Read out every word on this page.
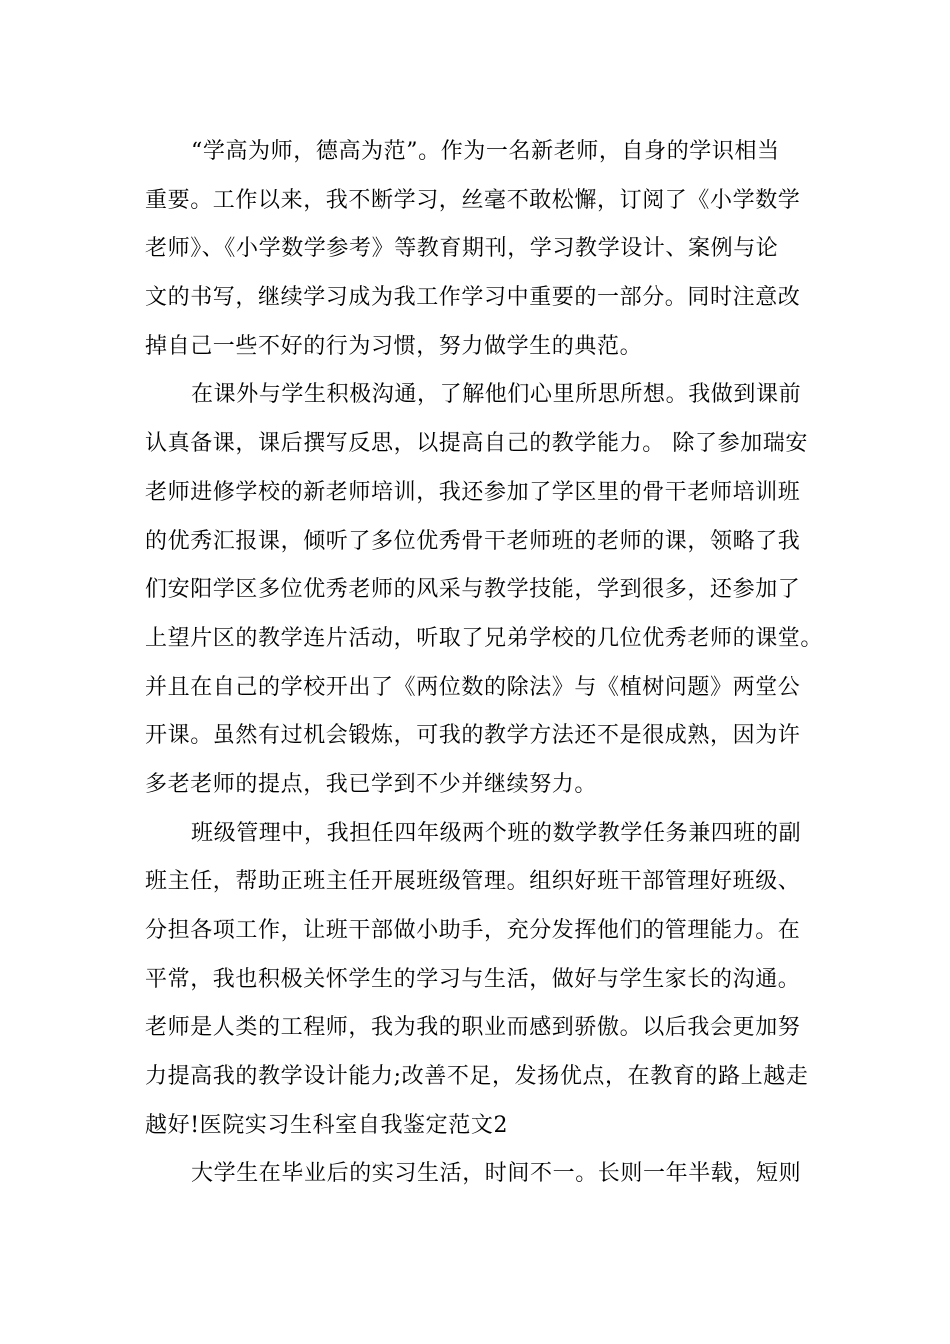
“学高为师，德高为范”。作为一名新老师，自身的学识相当
重要。工作以来，我不断学习，丝毫不敢松懈，订阅了《小学数学
老师》、《小学数学参考》等教育期刊，学习教学设计、案例与论
文的书写，继续学习成为我工作学习中重要的一部分。同时注意改
掉自己一些不好的行为习惯，努力做学生的典范。
在课外与学生积极沟通，了解他们心里所思所想。我做到课前
认真备课，课后撰写反思，以提高自己的教学能力。 除了参加瑞安
老师进修学校的新老师培训，我还参加了学区里的骨干老师培训班
的优秀汇报课，倾听了多位优秀骨干老师班的老师的课，领略了我
们安阳学区多位优秀老师的风采与教学技能，学到很多，还参加了
上望片区的教学连片活动，听取了兄弟学校的几位优秀老师的课堂。
并且在自己的学校开出了《两位数的除法》与《植树问题》两堂公
开课。虽然有过机会锻炼，可我的教学方法还不是很成熟，因为许
多老老师的提点，我已学到不少并继续努力。
班级管理中，我担任四年级两个班的数学教学任务兼四班的副
班主任，帮助正班主任开展班级管理。组织好班干部管理好班级、
分担各项工作，让班干部做小助手，充分发挥他们的管理能力。在
平常，我也积极关怀学生的学习与生活，做好与学生家长的沟通。
老师是人类的工程师，我为我的职业而感到骄傲。以后我会更加努
力提高我的教学设计能力;改善不足，发扬优点，在教育的路上越走
越好!医院实习生科室自我鉴定范文2
大学生在毕业后的实习生活，时间不一。长则一年半载，短则
